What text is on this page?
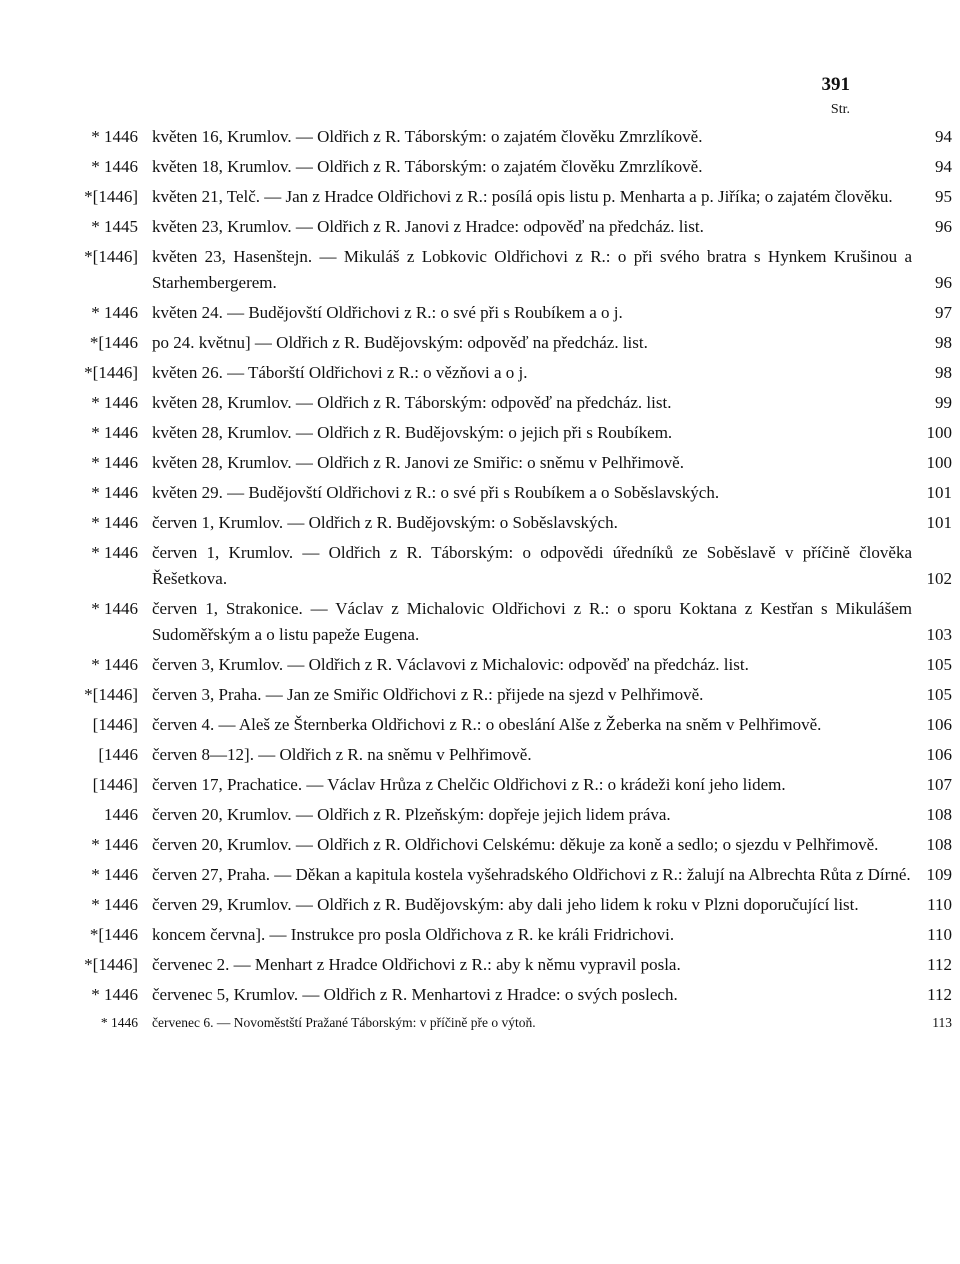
391
Str.
* 1446 květen 16, Krumlov. — Oldřich z R. Táborským: o zajatém člověku Zmrzlíkově.	94
* 1446 květen 18, Krumlov. — Oldřich z R. Táborským: o zajatém člověku Zmrzlíkově.	94
*[1446] květen 21, Telč. — Jan z Hradce Oldřichovi z R.: posílá opis listu p. Menharta a p. Jiříka; o zajatém člověku.	95
* 1445 květen 23, Krumlov. — Oldřich z R. Janovi z Hradce: odpověď na předcház. list.	96
*[1446] květen 23, Hasenštejn. — Mikuláš z Lobkovic Oldřichovi z R.: o při svého bratra s Hynkem Krušinou a Starhembergerem.	96
* 1446 květen 24. — Budějovští Oldřichovi z R.: o své při s Roubíkem a o j.	97
*[1446 po 24. květnu] — Oldřich z R. Budějovským: odpověď na předcház. list.	98
*[1446] květen 26. — Táborští Oldřichovi z R.: o vězňovi a o j.	98
* 1446 květen 28, Krumlov. — Oldřich z R. Táborským: odpověď na předcház. list.	99
* 1446 květen 28, Krumlov. — Oldřich z R. Budějovským: o jejich při s Roubíkem.	100
* 1446 květen 28, Krumlov. — Oldřich z R. Janovi ze Smiřic: o sněmu v Pelhřimově.	100
* 1446 květen 29. — Budějovští Oldřichovi z R.: o své při s Roubíkem a o Soběslavských.	101
* 1446 červen 1, Krumlov. — Oldřich z R. Budějovským: o Soběslavských.	101
* 1446 červen 1, Krumlov. — Oldřich z R. Táborským: o odpovědi úředníků ze Soběslavě v příčině člověka Řešetkova.	102
* 1446 červen 1, Strakonice. — Václav z Michalovic Oldřichovi z R.: o sporu Koktana z Kestřan s Mikulášem Sudoměřským a o listu papeže Eugena.	103
* 1446 červen 3, Krumlov. — Oldřich z R. Václavovi z Michalovic: odpověď na předcház. list.	105
*[1446] červen 3, Praha. — Jan ze Smiřic Oldřichovi z R.: přijede na sjezd v Pelhřimově.	105
[1446] červen 4. — Aleš ze Šternberka Oldřichovi z R.: o obeslání Alše z Žeberka na sněm v Pelhřimově.	106
[1446 červen 8—12]. — Oldřich z R. na sněmu v Pelhřimově.	106
[1446] červen 17, Prachatice. — Václav Hrůza z Chelčic Oldřichovi z R.: o krádeži koní jeho lidem.	107
1446 červen 20, Krumlov. — Oldřich z R. Plzeňským: dopřeje jejich lidem práva.	108
* 1446 červen 20, Krumlov. — Oldřich z R. Oldřichovi Celskému: děkuje za koně a sedlo; o sjezdu v Pelhřimově.	108
* 1446 červen 27, Praha. — Děkan a kapitula kostela vyšehradského Oldřichovi z R.: žalují na Albrechta Růta z Dírné. 109
* 1446 červen 29, Krumlov. — Oldřich z R. Budějovským: aby dali jeho lidem k roku v Plzni doporučující list.	110
*[1446 koncem června]. — Instrukce pro posla Oldřichova z R. ke králi Fridrichovi.	110
*[1446] červenec 2. — Menhart z Hradce Oldřichovi z R.: aby k němu vypravil posla.	112
* 1446 červenec 5, Krumlov. — Oldřich z R. Menhartovi z Hradce: o svých poslech.	112
* 1446	červenec 6. — Novoměstští Pražané Táborským: v příčině pře o výtoň.	113
